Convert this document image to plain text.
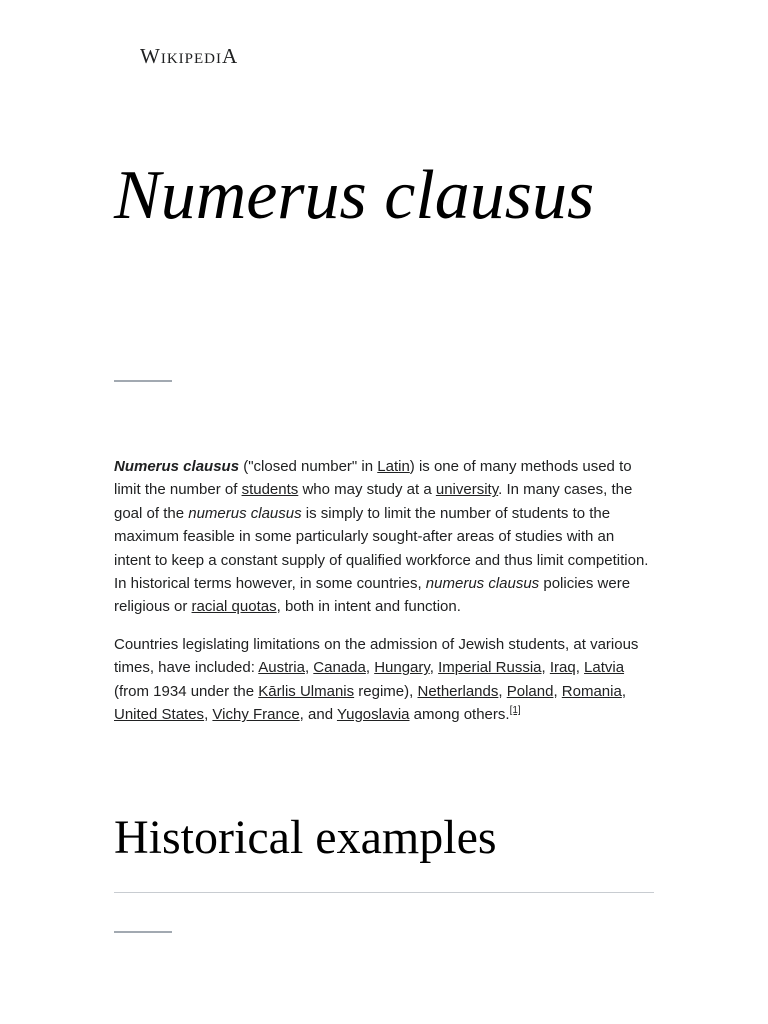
WIKIPEDIA
Numerus clausus

Numerus clausus ("closed number" in Latin) is one of many methods used to limit the number of students who may study at a university. In many cases, the goal of the numerus clausus is simply to limit the number of students to the maximum feasible in some particularly sought-after areas of studies with an intent to keep a constant supply of qualified workforce and thus limit competition. In historical terms however, in some countries, numerus clausus policies were religious or racial quotas, both in intent and function.

Countries legislating limitations on the admission of Jewish students, at various times, have included: Austria, Canada, Hungary, Imperial Russia, Iraq, Latvia (from 1934 under the Kārlis Ulmanis regime), Netherlands, Poland, Romania, United States, Vichy France, and Yugoslavia among others.[1]

Historical examples
